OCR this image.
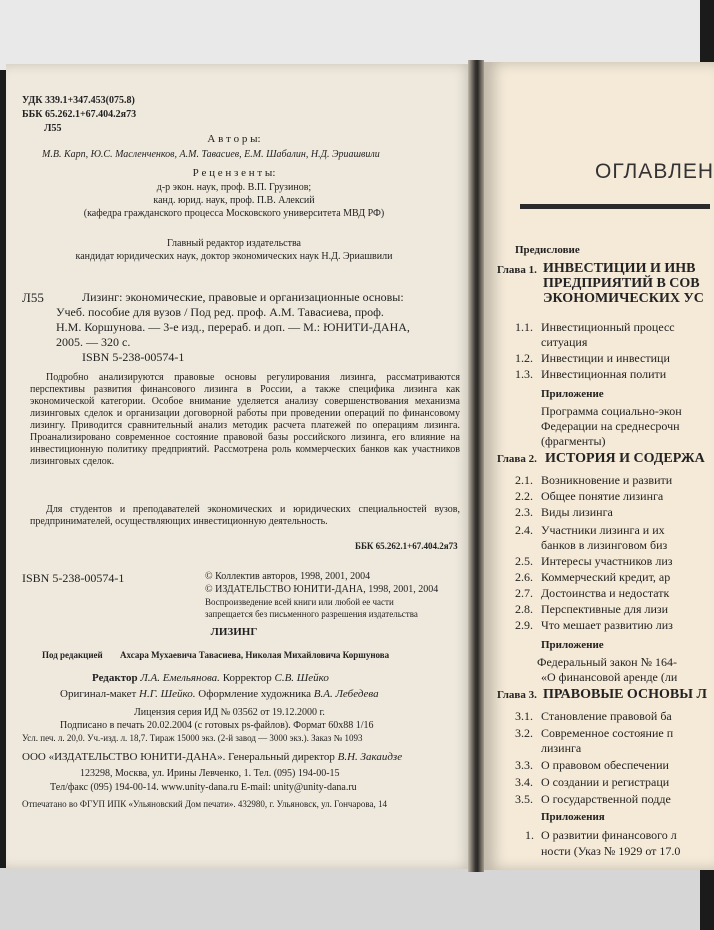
УДК 339.1+347.453(075.8)
ББК 65.262.1+67.404.2я73
Л55
А в т о р ы:
М.В. Карп, Ю.С. Масленченков, А.М. Тавасиев, Е.М. Шабалин, Н.Д. Эриашвили
Р е ц е н з е н т ы:
д-р экон. наук, проф. В.П. Грузинов;
канд. юрид. наук, проф. П.В. Алексий
(кафедра гражданского процесса Московского университета МВД РФ)
Главный редактор издательства
кандидат юридических наук, доктор экономических наук Н.Д. Эриашвили
Л55	Лизинг: экономические, правовые и организационные основы:
Учеб. пособие для вузов / Под ред. проф. А.М. Тавасиева, проф.
Н.М. Коршунова. — 3-е изд., перераб. и доп. — М.: ЮНИТИ-ДАНА,
2005. — 320 с.
ISBN 5-238-00574-1
Подробно анализируются правовые основы регулирования лизинга, рассматриваются перспективы развития финансового лизинга в России, а также специфика лизинга как экономической категории. Особое внимание уделяется анализу совершенствования механизма лизинговых сделок и организации договорной работы при проведении операций по финансовому лизингу. Приводится сравнительный анализ методик расчета платежей по операциям лизинга. Проанализировано современное состояние правовой базы российского лизинга, его влияние на инвестиционную политику предприятий. Рассмотрена роль коммерческих банков как участников лизинговых сделок.
Для студентов и преподавателей экономических и юридических специальностей вузов, предпринимателей, осуществляющих инвестиционную деятельность.
ББК 65.262.1+67.404.2я73
ISBN 5-238-00574-1	© Коллектив авторов, 1998, 2001, 2004
© ИЗДАТЕЛЬСТВО ЮНИТИ-ДАНА, 1998, 2001, 2004
Воспроизведение всей книги или любой ее части
запрещается без письменного разрешения издательства
ЛИЗИНГ
Под редакцией Ахсара Мухаевича Тавасиева, Николая Михайловича Коршунова
Редактор Л.А. Емельянова. Корректор С.В. Шейко
Оригинал-макет Н.Г. Шейко. Оформление художника В.А. Лебедева
Лицензия серия ИД № 03562 от 19.12.2000 г.
Подписано в печать 20.02.2004 (с готовых ps-файлов). Формат 60х88 1/16
Усл. печ. л. 20,0. Уч.-изд. л. 18,7. Тираж 15000 экз. (2-й завод — 3000 экз.). Заказ № 1093
ООО «ИЗДАТЕЛЬСТВО ЮНИТИ-ДАНА». Генеральный директор В.Н. Закаидзе
123298, Москва, ул. Ирины Левченко, 1. Тел. (095) 194-00-15
Тел/факс (095) 194-00-14. www.unity-dana.ru E-mail: unity@unity-dana.ru
Отпечатано во ФГУП ИПК «Ульяновский Дом печати». 432980, г. Ульяновск, ул. Гончарова, 14
ОГЛАВЛЕН
Предисловие
Глава 1. ИНВЕСТИЦИИ И ИНВ
ПРЕДПРИЯТИЙ В СОВ
ЭКОНОМИЧЕСКИХ УС
1.1. Инвестиционный процесс
ситуация
1.2. Инвестиции и инвестици
1.3. Инвестиционная полити
Приложение
Программа социально-экон
Федерации на среднесрочн
(фрагменты)
Глава 2. ИСТОРИЯ И СОДЕРЖА
2.1. Возникновение и развити
2.2. Общее понятие лизинга
2.3. Виды лизинга
2.4. Участники лизинга и их
банков в лизинговом биз
2.5. Интересы участников лиз
2.6. Коммерческий кредит, ар
2.7. Достоинства и недостатк
2.8. Перспективные для лизи
2.9. Что мешает развитию лиз
Приложение
Федеральный закон № 164-
«О финансовой аренде (ли
Глава 3. ПРАВОВЫЕ ОСНОВЫ Л
3.1. Становление правовой ба
3.2. Современное состояние п
лизинга
3.3. О правовом обеспечении
3.4. О создании и регистраци
3.5. О государственной подде
Приложения
1. О развитии финансового л
ности (Указ № 1929 от 17.0
